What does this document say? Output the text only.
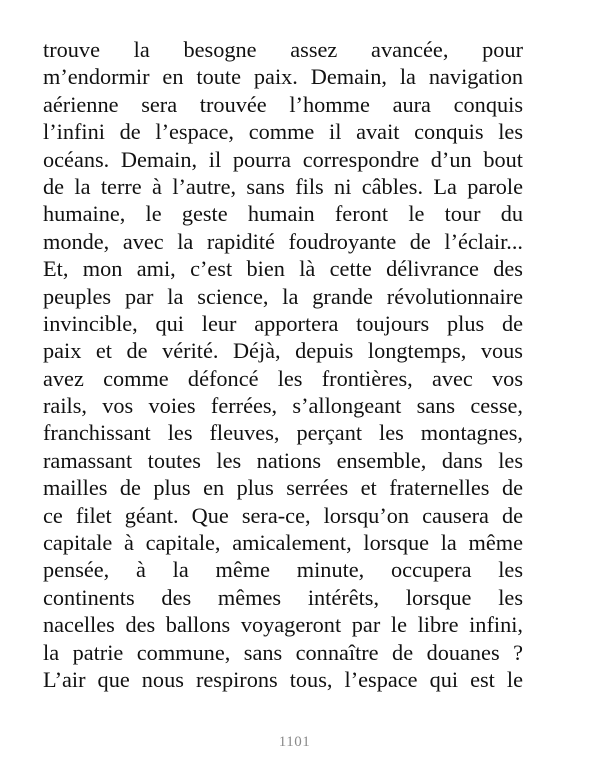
trouve la besogne assez avancée, pour
m’endormir en toute paix. Demain, la navigation
aérienne sera trouvée l’homme aura conquis
l’infini de l’espace, comme il avait conquis les
océans. Demain, il pourra correspondre d’un bout
de la terre à l’autre, sans fils ni câbles. La parole
humaine, le geste humain feront le tour du
monde, avec la rapidité foudroyante de l’éclair...
Et, mon ami, c’est bien là cette délivrance des
peuples par la science, la grande révolutionnaire
invincible, qui leur apportera toujours plus de
paix et de vérité. Déjà, depuis longtemps, vous
avez comme défoncé les frontières, avec vos
rails, vos voies ferrées, s’allongeant sans cesse,
franchissant les fleuves, perçant les montagnes,
ramassant toutes les nations ensemble, dans les
mailles de plus en plus serrées et fraternelles de
ce filet géant. Que sera-ce, lorsqu’on causera de
capitale à capitale, amicalement, lorsque la même
pensée, à la même minute, occupera les
continents des mêmes intérêts, lorsque les
nacelles des ballons voyageront par le libre infini,
la patrie commune, sans connaître de douanes ?
L’air que nous respirons tous, l’espace qui est le
1101
